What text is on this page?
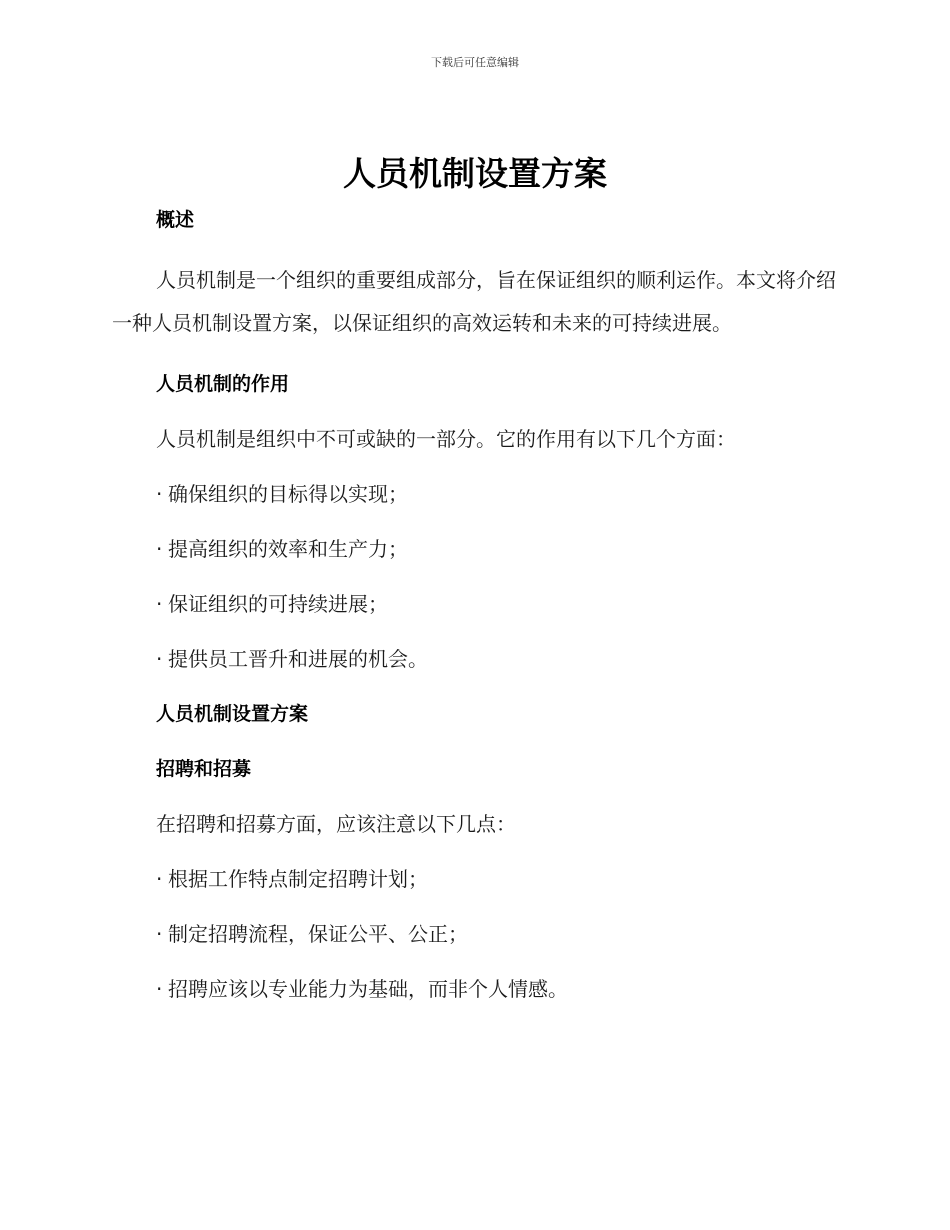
下载后可任意编辑
人员机制设置方案
概述

人员机制是一个组织的重要组成部分，旨在保证组织的顺利运作。本文将介绍一种人员机制设置方案，以保证组织的高效运转和未来的可持续进展。

人员机制的作用
人员机制是组织中不可或缺的一部分。它的作用有以下几个方面：
· 确保组织的目标得以实现；
· 提高组织的效率和生产力；
· 保证组织的可持续进展；
· 提供员工晋升和进展的机会。
人员机制设置方案
招聘和招募
在招聘和招募方面，应该注意以下几点：
· 根据工作特点制定招聘计划；
· 制定招聘流程，保证公平、公正；
· 招聘应该以专业能力为基础，而非个人情感。
